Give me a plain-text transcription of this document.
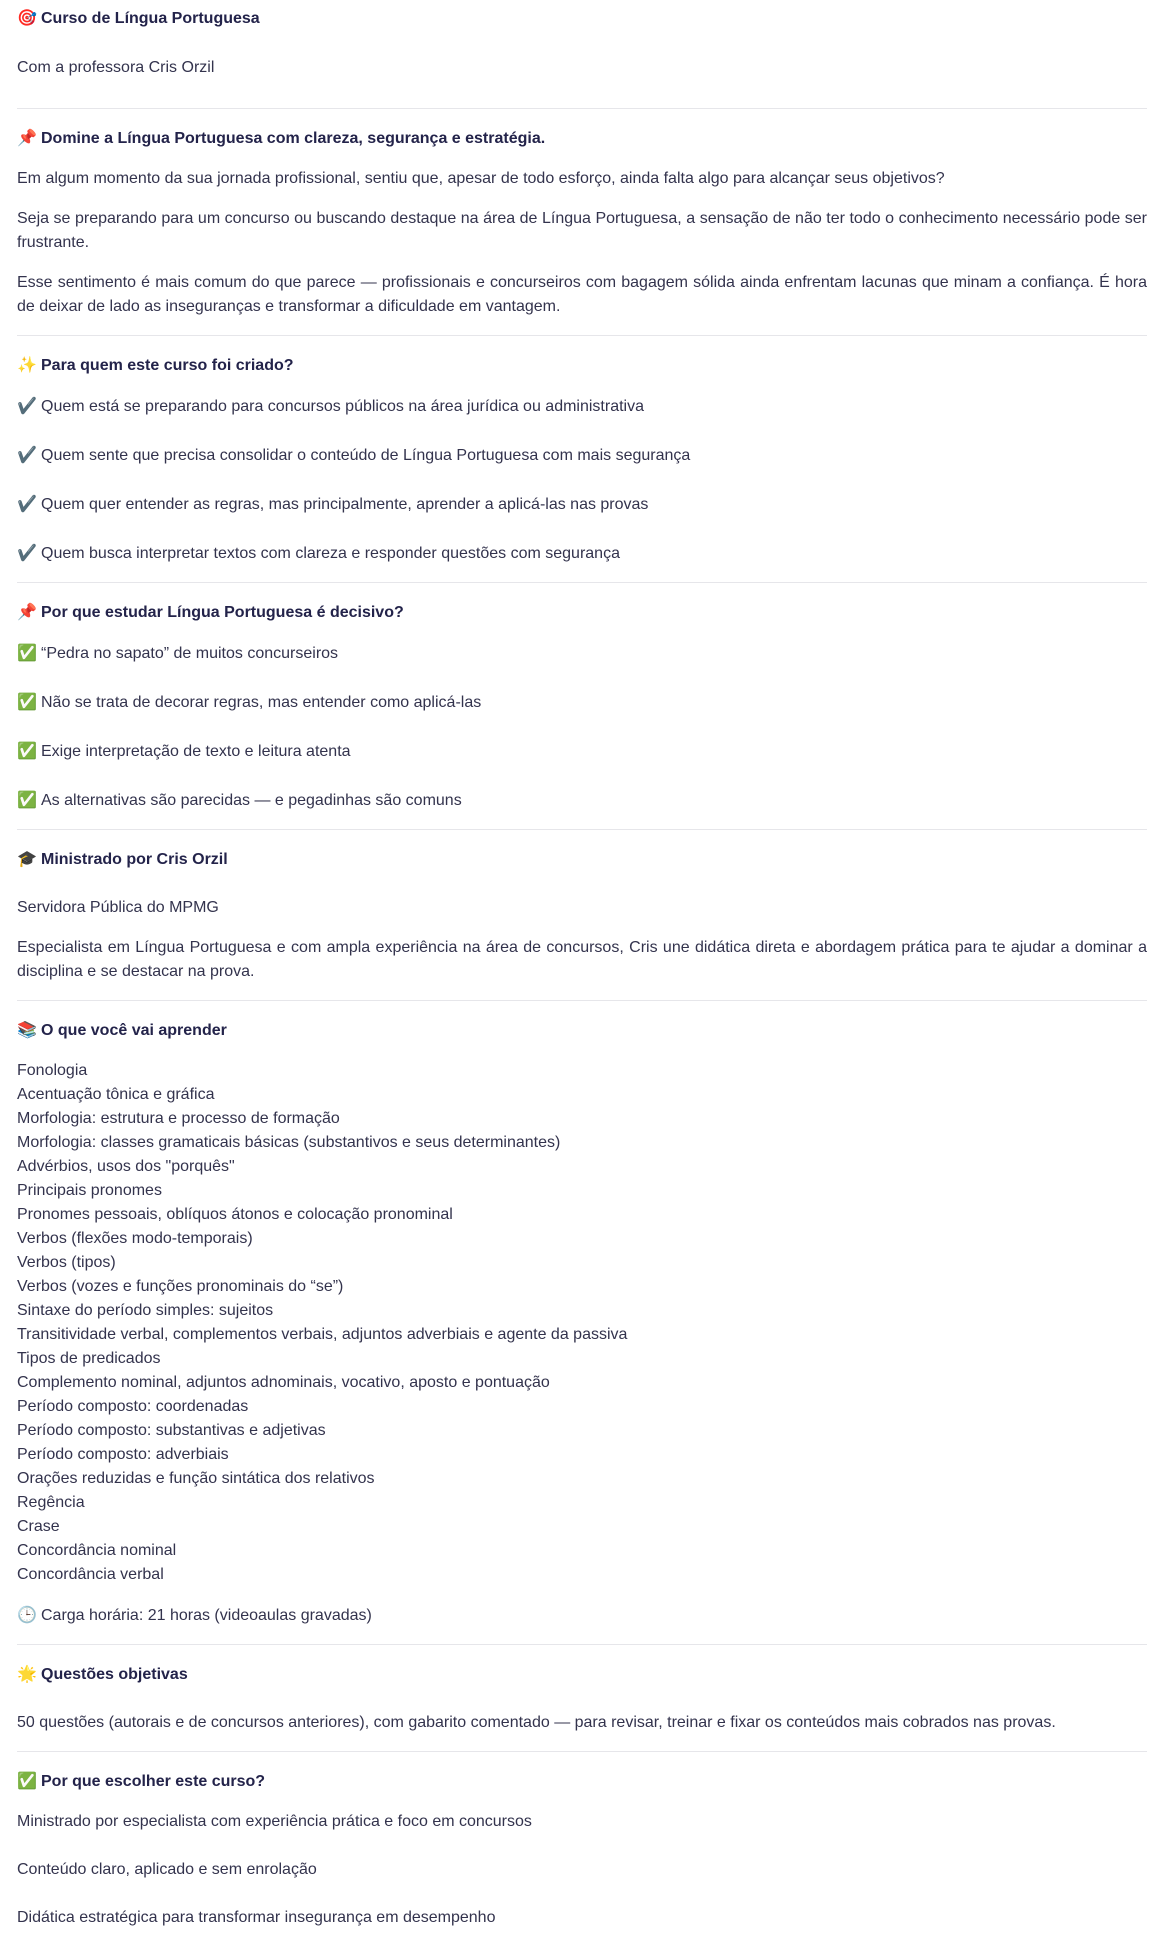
🎯 Curso de Língua Portuguesa

Com a professora Cris Orzil

📌 Domine a Língua Portuguesa com clareza, segurança e estratégia.

Em algum momento da sua jornada profissional, sentiu que, apesar de todo esforço, ainda falta algo para alcançar seus objetivos?

Seja se preparando para um concurso ou buscando destaque na área de Língua Portuguesa, a sensação de não ter todo o conhecimento necessário pode ser frustrante.

Esse sentimento é mais comum do que parece — profissionais e concurseiros com bagagem sólida ainda enfrentam lacunas que minam a confiança. É hora de deixar de lado as inseguranças e transformar a dificuldade em vantagem.

✨ Para quem este curso foi criado?
✔️ Quem está se preparando para concursos públicos na área jurídica ou administrativa
✔️ Quem sente que precisa consolidar o conteúdo de Língua Portuguesa com mais segurança
✔️ Quem quer entender as regras, mas principalmente, aprender a aplicá-las nas provas
✔️ Quem busca interpretar textos com clareza e responder questões com segurança
📌 Por que estudar Língua Portuguesa é decisivo?
✅ “Pedra no sapato” de muitos concurseiros
✅ Não se trata de decorar regras, mas entender como aplicá-las
✅ Exige interpretação de texto e leitura atenta
✅ As alternativas são parecidas — e pegadinhas são comuns
🎓 Ministrado por Cris Orzil

Servidora Pública do MPMG

Especialista em Língua Portuguesa e com ampla experiência na área de concursos, Cris une didática direta e abordagem prática para te ajudar a dominar a disciplina e se destacar na prova.

📚 O que você vai aprender
Fonologia
Acentuação tônica e gráfica
Morfologia: estrutura e processo de formação
Morfologia: classes gramaticais básicas (substantivos e seus determinantes)
Advérbios, usos dos "porquês"
Principais pronomes
Pronomes pessoais, oblíquos átonos e colocação pronominal
Verbos (flexões modo-temporais)
Verbos (tipos)
Verbos (vozes e funções pronominais do “se”)
Sintaxe do período simples: sujeitos
Transitividade verbal, complementos verbais, adjuntos adverbiais e agente da passiva
Tipos de predicados
Complemento nominal, adjuntos adnominais, vocativo, aposto e pontuação
Período composto: coordenadas
Período composto: substantivas e adjetivas
Período composto: adverbiais
Orações reduzidas e função sintática dos relativos
Regência
Crase
Concordância nominal
Concordância verbal
🕒 Carga horária: 21 horas (videoaulas gravadas)
🌟 Questões objetivas

50 questões (autorais e de concursos anteriores), com gabarito comentado — para revisar, treinar e fixar os conteúdos mais cobrados nas provas.

✅ Por que escolher este curso?

Ministrado por especialista com experiência prática e foco em concursos

Conteúdo claro, aplicado e sem enrolação

Didática estratégica para transformar insegurança em desempenho
